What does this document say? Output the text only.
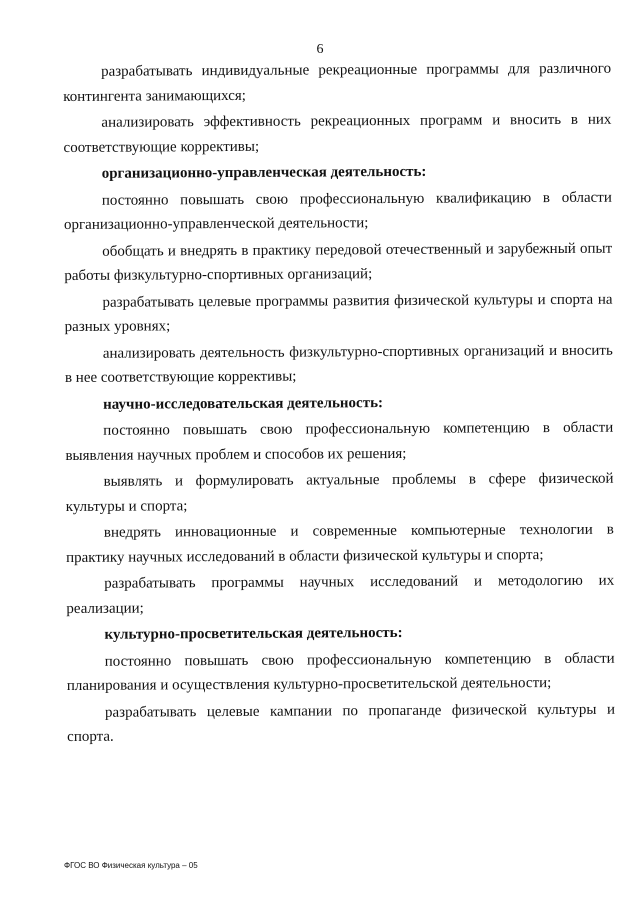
6

разрабатывать индивидуальные рекреационные программы для различного контингента занимающихся;

анализировать эффективность рекреационных программ и вносить в них соответствующие коррективы;

организационно-управленческая деятельность:

постоянно повышать свою профессиональную квалификацию в области организационно-управленческой деятельности;

обобщать и внедрять в практику передовой отечественный и зарубежный опыт работы физкультурно-спортивных организаций;

разрабатывать целевые программы развития физической культуры и спорта на разных уровнях;

анализировать деятельность физкультурно-спортивных организаций и вносить в нее соответствующие коррективы;

научно-исследовательская деятельность:

постоянно повышать свою профессиональную компетенцию в области выявления научных проблем и способов их решения;

выявлять и формулировать актуальные проблемы в сфере физической культуры и спорта;

внедрять инновационные и современные компьютерные технологии в практику научных исследований в области физической культуры и спорта;

разрабатывать программы научных исследований и методологию их реализации;

культурно-просветительская деятельность:

постоянно повышать свою профессиональную компетенцию в области планирования и осуществления культурно-просветительской деятельности;

разрабатывать целевые кампании по пропаганде физической культуры и спорта.

ФГОС ВО Физическая культура – 05
